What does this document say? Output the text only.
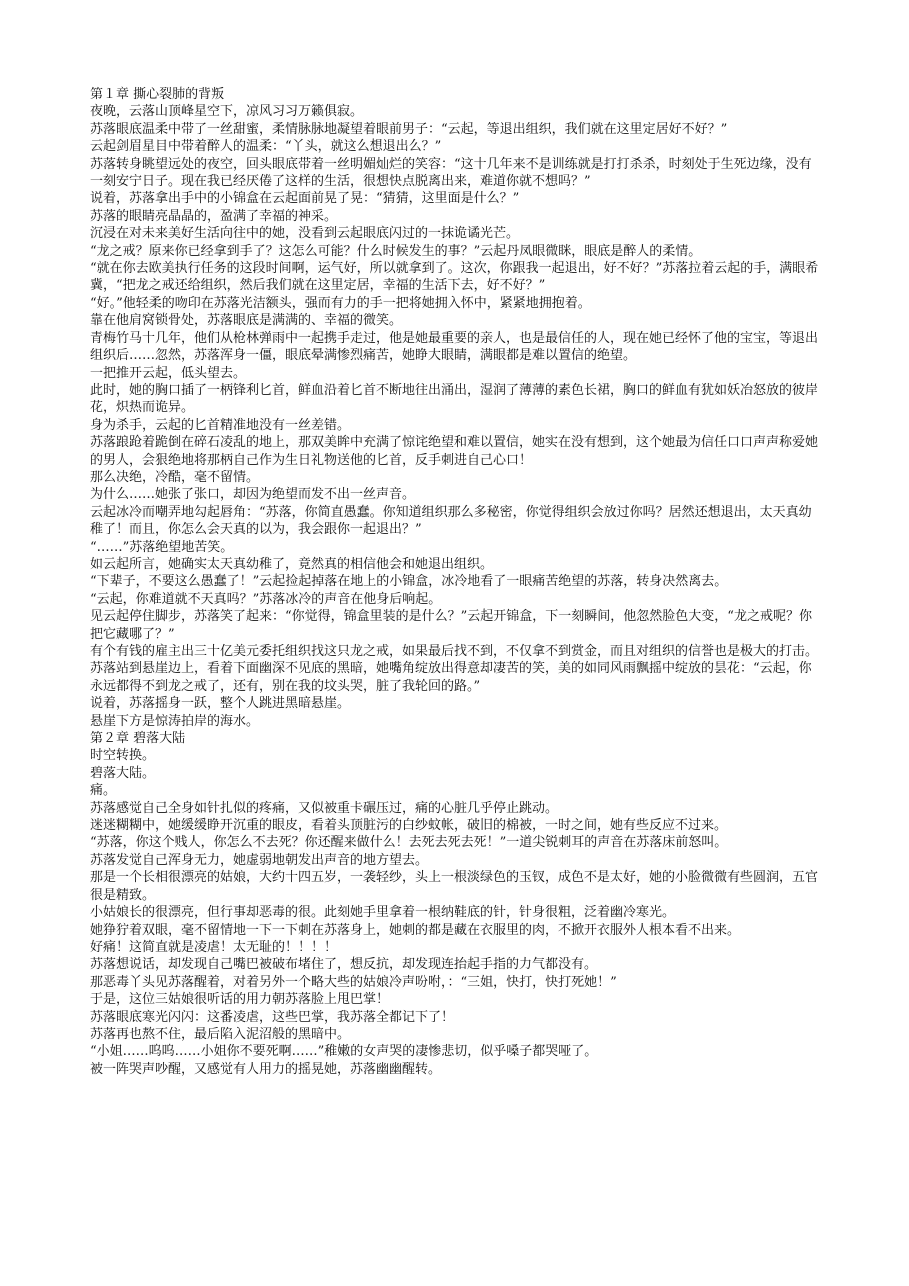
第１章 撕心裂肺的背叛

夜晚，云落山顶峰星空下，凉风习习万籁俱寂。

苏落眼底温柔中带了一丝甜蜜，柔情脉脉地凝望着眼前男子：“云起，等退出组织，我们就在这里定居好不好？”

云起剑眉星目中带着醉人的温柔：“丫头，就这么想退出么？”

苏落转身眺望远处的夜空，回头眼底带着一丝明媚灿烂的笑容：“这十几年来不是训练就是打打杀杀，时刻处于生死边缘，没有一刻安宁日子。现在我已经厌倦了这样的生活，很想快点脱离出来，难道你就不想吗？”

说着，苏落拿出手中的小锦盒在云起面前晃了晃：“猜猜，这里面是什么？”

苏落的眼睛亮晶晶的，盈满了幸福的神采。

沉浸在对未来美好生活向往中的她，没看到云起眼底闪过的一抹诡谲光芒。

“龙之戒？原来你已经拿到手了？这怎么可能？什么时候发生的事？”云起丹凤眼微眯，眼底是醉人的柔情。

“就在你去欧美执行任务的这段时间啊，运气好，所以就拿到了。这次，你跟我一起退出，好不好？”苏落拉着云起的手，满眼希冀，“把龙之戒还给组织，然后我们就在这里定居，幸福的生活下去，好不好？”

“好。”他轻柔的吻印在苏落光洁额头，强而有力的手一把将她拥入怀中，紧紧地拥抱着。

靠在他肩窝锁骨处，苏落眼底是满满的、幸福的微笑。

青梅竹马十几年，他们从枪林弹雨中一起携手走过，他是她最重要的亲人，也是最信任的人，现在她已经怀了他的宝宝，等退出组织后……忽然，苏落浑身一僵，眼底晕满惨烈痛苦，她睁大眼睛，满眼都是难以置信的绝望。

一把推开云起，低头望去。

此时，她的胸口插了一柄锋利匕首，鲜血沿着匕首不断地往出涌出，湿润了薄薄的素色长裙，胸口的鲜血有犹如妖冶怒放的彼岸花，炽热而诡异。

身为杀手，云起的匕首精准地没有一丝差错。

苏落踉跄着跪倒在碎石凌乱的地上，那双美眸中充满了惊诧绝望和难以置信，她实在没有想到，这个她最为信任口口声声称爱她的男人，会狠绝地将那柄自己作为生日礼物送他的匕首，反手刺进自己心口！

那么决绝，冷酷，毫不留情。

为什么……她张了张口，却因为绝望而发不出一丝声音。

云起冰冷而嘲弄地勾起唇角：“苏落，你简直愚蠢。你知道组织那么多秘密，你觉得组织会放过你吗？居然还想退出，太天真幼稚了！而且，你怎么会天真的以为，我会跟你一起退出？”

“……”苏落绝望地苦笑。

如云起所言，她确实太天真幼稚了，竟然真的相信他会和她退出组织。

“下辈子，不要这么愚蠢了！”云起捡起掉落在地上的小锦盒，冰冷地看了一眼痛苦绝望的苏落，转身决然离去。

“云起，你难道就不天真吗？”苏落冰冷的声音在他身后响起。

见云起停住脚步，苏落笑了起来：“你觉得，锦盒里装的是什么？”云起开锦盒，下一刻瞬间，他忽然脸色大变，“龙之戒呢？你把它藏哪了？”

有个有钱的雇主出三十亿美元委托组织找这只龙之戒，如果最后找不到，不仅拿不到赏金，而且对组织的信誉也是极大的打击。

苏落站到悬崖边上，看着下面幽深不见底的黑暗，她嘴角绽放出得意却凄苦的笑，美的如同风雨飘摇中绽放的昙花：“云起，你永远都得不到龙之戒了，还有，别在我的坟头哭，脏了我轮回的路。”

说着，苏落摇身一跃，整个人跳进黑暗悬崖。

悬崖下方是惊涛拍岸的海水。

第２章 碧落大陆

时空转换。

碧落大陆。

痛。

苏落感觉自己全身如针扎似的疼痛，又似被重卡碾压过，痛的心脏几乎停止跳动。

迷迷糊糊中，她缓缓睁开沉重的眼皮，看着头顶脏污的白纱蚊帐，破旧的棉被，一时之间，她有些反应不过来。

“苏落，你这个贱人，你怎么不去死？你还醒来做什么！去死去死去死！”一道尖锐刺耳的声音在苏落床前怒叫。

苏落发觉自己浑身无力，她虚弱地朝发出声音的地方望去。

那是一个长相很漂亮的姑娘，大约十四五岁，一袭轻纱，头上一根淡绿色的玉钗，成色不是太好，她的小脸微微有些圆润，五官很是精致。

小姑娘长的很漂亮，但行事却恶毒的很。此刻她手里拿着一根纳鞋底的针，针身很粗，泛着幽冷寒光。

她狰狞着双眼，毫不留情地一下一下刺在苏落身上，她刺的都是藏在衣服里的肉，不掀开衣服外人根本看不出来。

好痛！这简直就是凌虐！太无耻的！！！！

苏落想说话，却发现自己嘴巴被破布堵住了，想反抗，却发现连抬起手指的力气都没有。

那恶毒丫头见苏落醒着，对着另外一个略大些的姑娘冷声吩咐，：“三姐，快打，快打死她！”

于是，这位三姑娘很听话的用力朝苏落脸上甩巴掌！

苏落眼底寒光闪闪：这番凌虐，这些巴掌，我苏落全都记下了！

苏落再也熬不住，最后陷入泥沼般的黑暗中。

“小姐……呜呜……小姐你不要死啊……”稚嫩的女声哭的凄惨悲切，似乎嗓子都哭哑了。

被一阵哭声吵醒，又感觉有人用力的摇晃她，苏落幽幽醒转。
